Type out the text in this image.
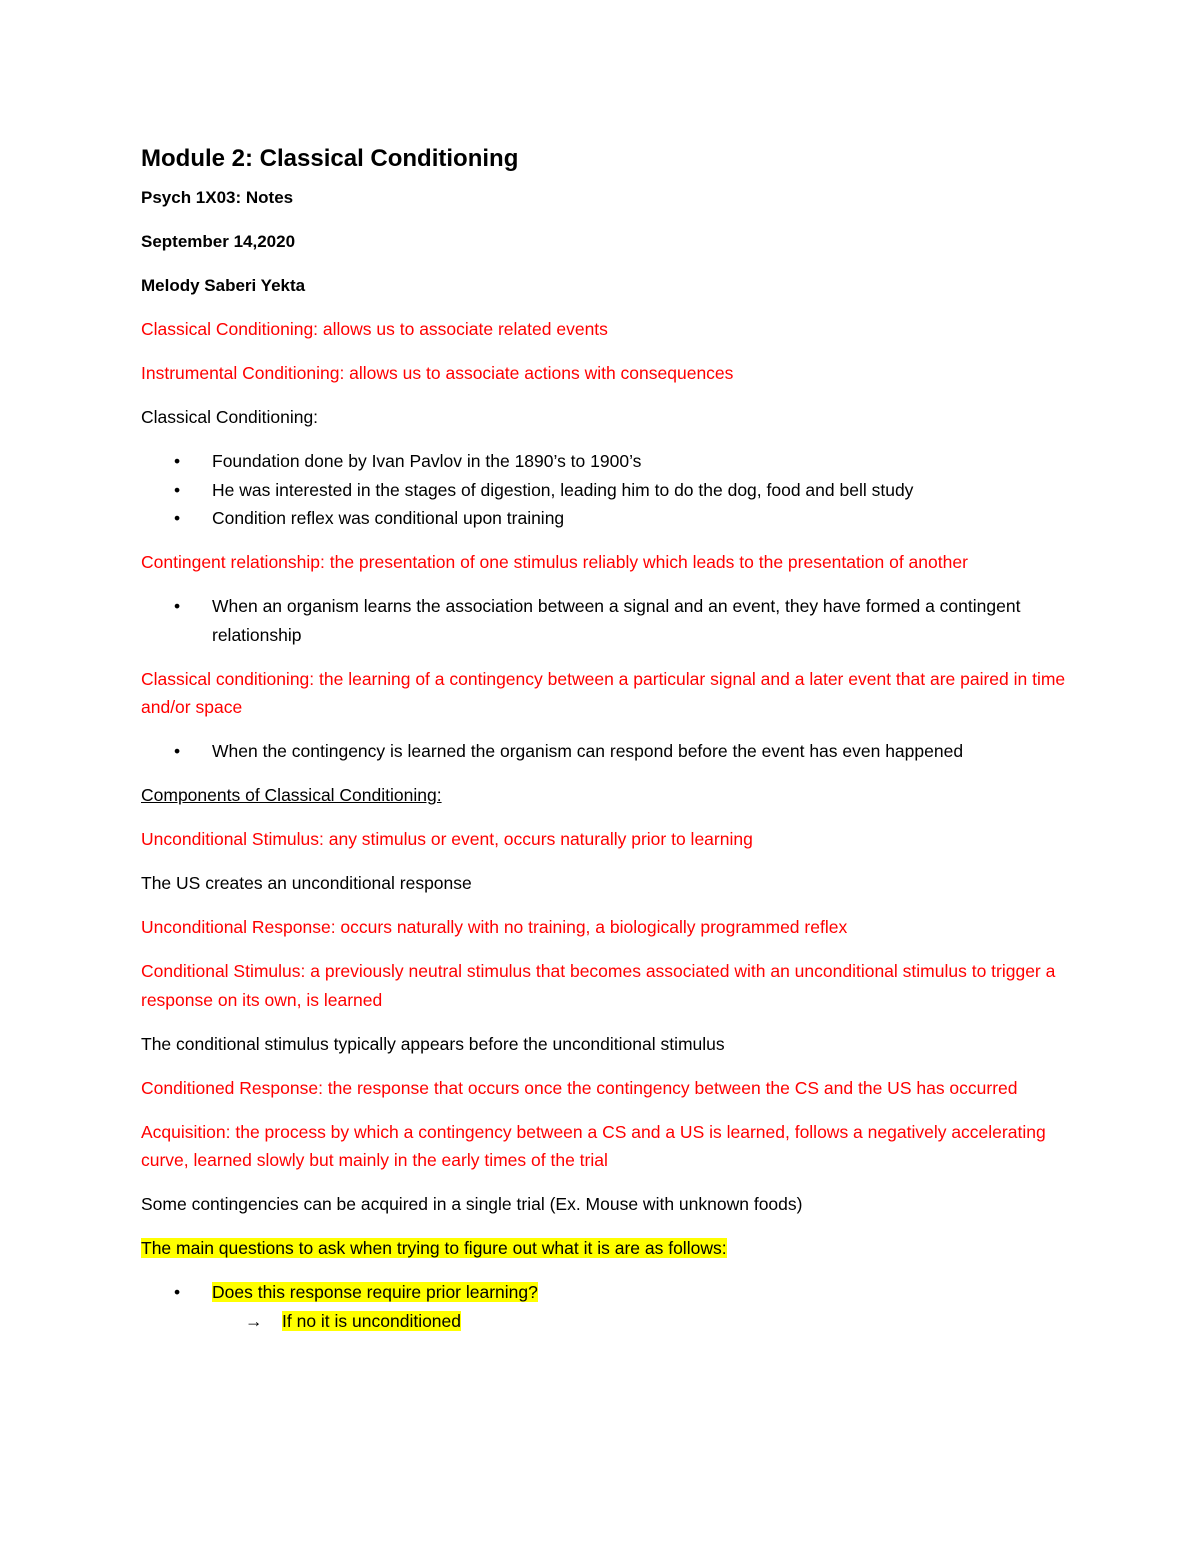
Module 2: Classical Conditioning
Psych 1X03: Notes
September 14,2020
Melody Saberi Yekta

Classical Conditioning: allows us to associate related events

Instrumental Conditioning: allows us to associate actions with consequences

Classical Conditioning:

• Foundation done by Ivan Pavlov in the 1890’s to 1900’s
• He was interested in the stages of digestion, leading him to do the dog, food and bell study
• Condition reflex was conditional upon training

Contingent relationship: the presentation of one stimulus reliably which leads to the presentation of another

• When an organism learns the association between a signal and an event, they have formed a contingent relationship

Classical conditioning: the learning of a contingency between a particular signal and a later event that are paired in time and/or space

• When the contingency is learned the organism can respond before the event has even happened

Components of Classical Conditioning:

Unconditional Stimulus: any stimulus or event, occurs naturally prior to learning

The US creates an unconditional response

Unconditional Response: occurs naturally with no training, a biologically programmed reflex

Conditional Stimulus: a previously neutral stimulus that becomes associated with an unconditional stimulus to trigger a response on its own, is learned

The conditional stimulus typically appears before the unconditional stimulus

Conditioned Response: the response that occurs once the contingency between the CS and the US has occurred

Acquisition: the process by which a contingency between a CS and a US is learned, follows a negatively accelerating curve, learned slowly but mainly in the early times of the trial

Some contingencies can be acquired in a single trial (Ex. Mouse with unknown foods)

The main questions to ask when trying to figure out what it is are as follows:

• Does this response require prior learning?
→ If no it is unconditioned
